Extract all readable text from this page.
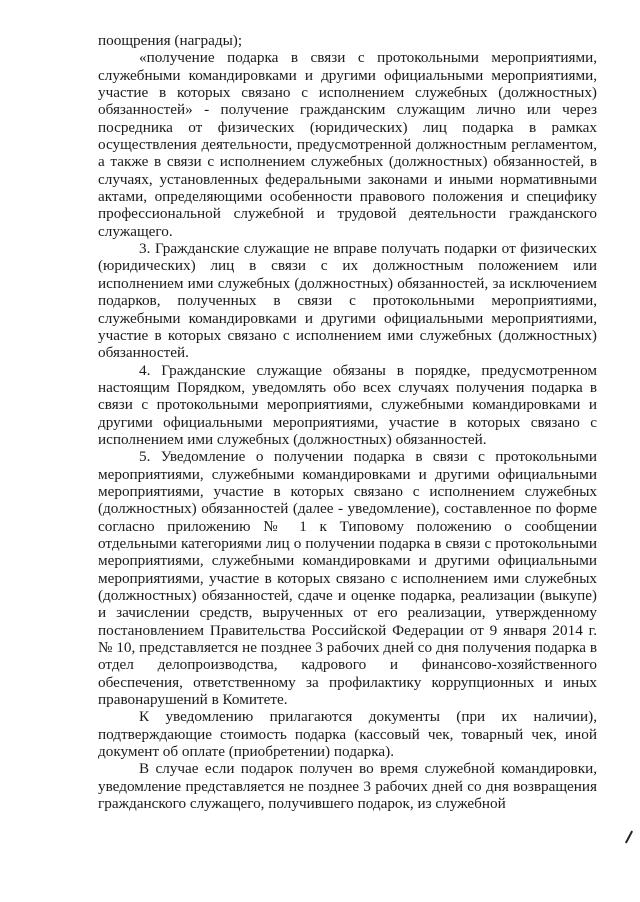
поощрения (награды);

«получение подарка в связи с протокольными мероприятиями, служебными командировками и другими официальными мероприятиями, участие в которых связано с исполнением служебных (должностных) обязанностей» - получение гражданским служащим лично или через посредника от физических (юридических) лиц подарка в рамках осуществления деятельности, предусмотренной должностным регламентом, а также в связи с исполнением служебных (должностных) обязанностей, в случаях, установленных федеральными законами и иными нормативными актами, определяющими особенности правового положения и специфику профессиональной служебной и трудовой деятельности гражданского служащего.

3. Гражданские служащие не вправе получать подарки от физических (юридических) лиц в связи с их должностным положением или исполнением ими служебных (должностных) обязанностей, за исключением подарков, полученных в связи с протокольными мероприятиями, служебными командировками и другими официальными мероприятиями, участие в которых связано с исполнением ими служебных (должностных) обязанностей.

4. Гражданские служащие обязаны в порядке, предусмотренном настоящим Порядком, уведомлять обо всех случаях получения подарка в связи с протокольными мероприятиями, служебными командировками и другими официальными мероприятиями, участие в которых связано с исполнением ими служебных (должностных) обязанностей.

5. Уведомление о получении подарка в связи с протокольными мероприятиями, служебными командировками и другими официальными мероприятиями, участие в которых связано с исполнением служебных (должностных) обязанностей (далее - уведомление), составленное по форме согласно приложению № 1 к Типовому положению о сообщении отдельными категориями лиц о получении подарка в связи с протокольными мероприятиями, служебными командировками и другими официальными мероприятиями, участие в которых связано с исполнением ими служебных (должностных) обязанностей, сдаче и оценке подарка, реализации (выкупе) и зачислении средств, вырученных от его реализации, утвержденному постановлением Правительства Российской Федерации от 9 января 2014 г. № 10, представляется не позднее 3 рабочих дней со дня получения подарка в отдел делопроизводства, кадрового и финансово-хозяйственного обеспечения, ответственному за профилактику коррупционных и иных правонарушений в Комитете.

К уведомлению прилагаются документы (при их наличии), подтверждающие стоимость подарка (кассовый чек, товарный чек, иной документ об оплате (приобретении) подарка).

В случае если подарок получен во время служебной командировки, уведомление представляется не позднее 3 рабочих дней со дня возвращения гражданского служащего, получившего подарок, из служебной
